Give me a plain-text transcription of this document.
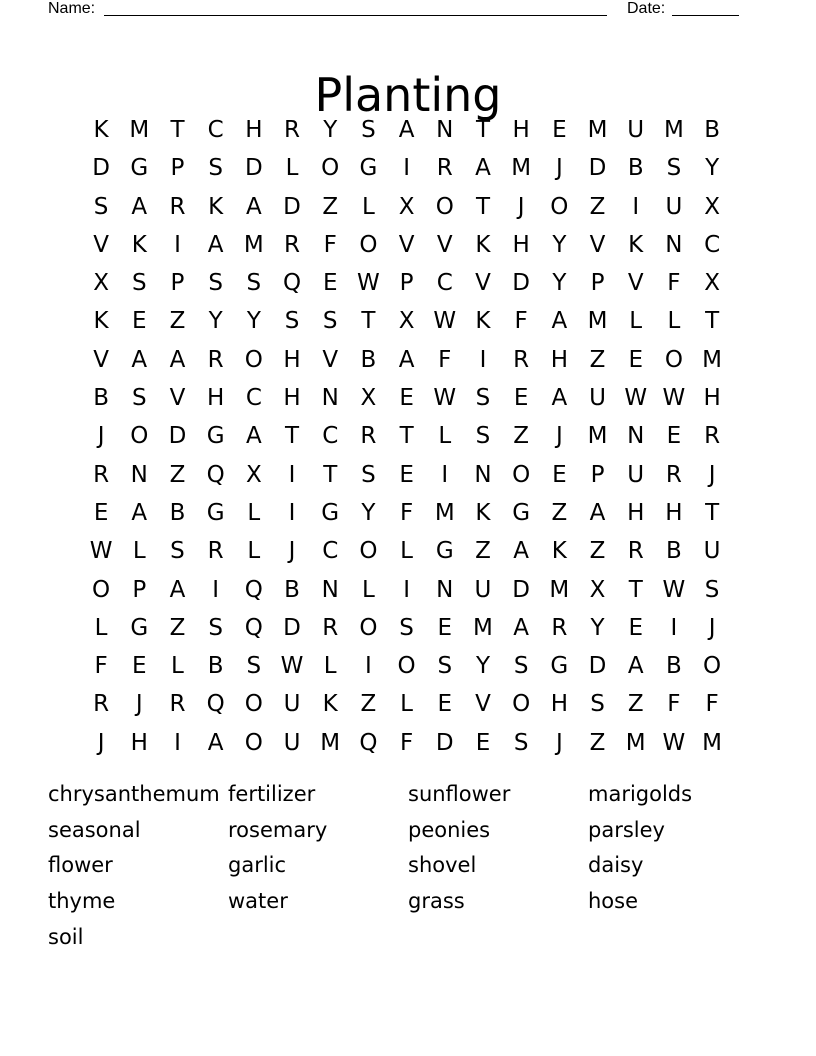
Name:	Date:
Planting
K M T	C H R	Y	S	A N T H E M U M B
D G P	S D L O G	I	R A M	J	D B S	Y
S	A R K A D Z	L	X O T	J	O Z	I	U X
V K	I	A M R	F O V V K H Y	V K N C
X	S	P	S	S Q E W P	C V D Y	P	V	F	X
K	E	Z	Y	Y	S	S	T	X W K	F	A M L	L	T
V A A R O H V B A	F	I	R H Z	E O M
B S	V H C H N X	E W S	E	A U W W H
J	O D G A	T	C R	T	L	S	Z	J	M N E R
R N Z Q X	I	T	S	E	I	N O E	P U R	J
E	A B G L	I	G Y	F M K G Z A H H T
W L	S R	L	J	C O L G Z A K Z R B U
O P	A	I	Q B N	L	I	N U D M X	T W S
L G Z	S Q D R O S	E M A R	Y	E	I	J
F	E	L	B S W L	I	O S	Y	S G D A B O
R	J	R Q O U K Z	L	E	V O H S	Z	F	F
J	H	I	A O U M Q F D E	S	J	Z M W M
chrysanthemum fertilizer	sunflower	marigolds
seasonal	rosemary	peonies	parsley
flower	garlic	shovel	daisy
thyme	water	grass	hose
soil
